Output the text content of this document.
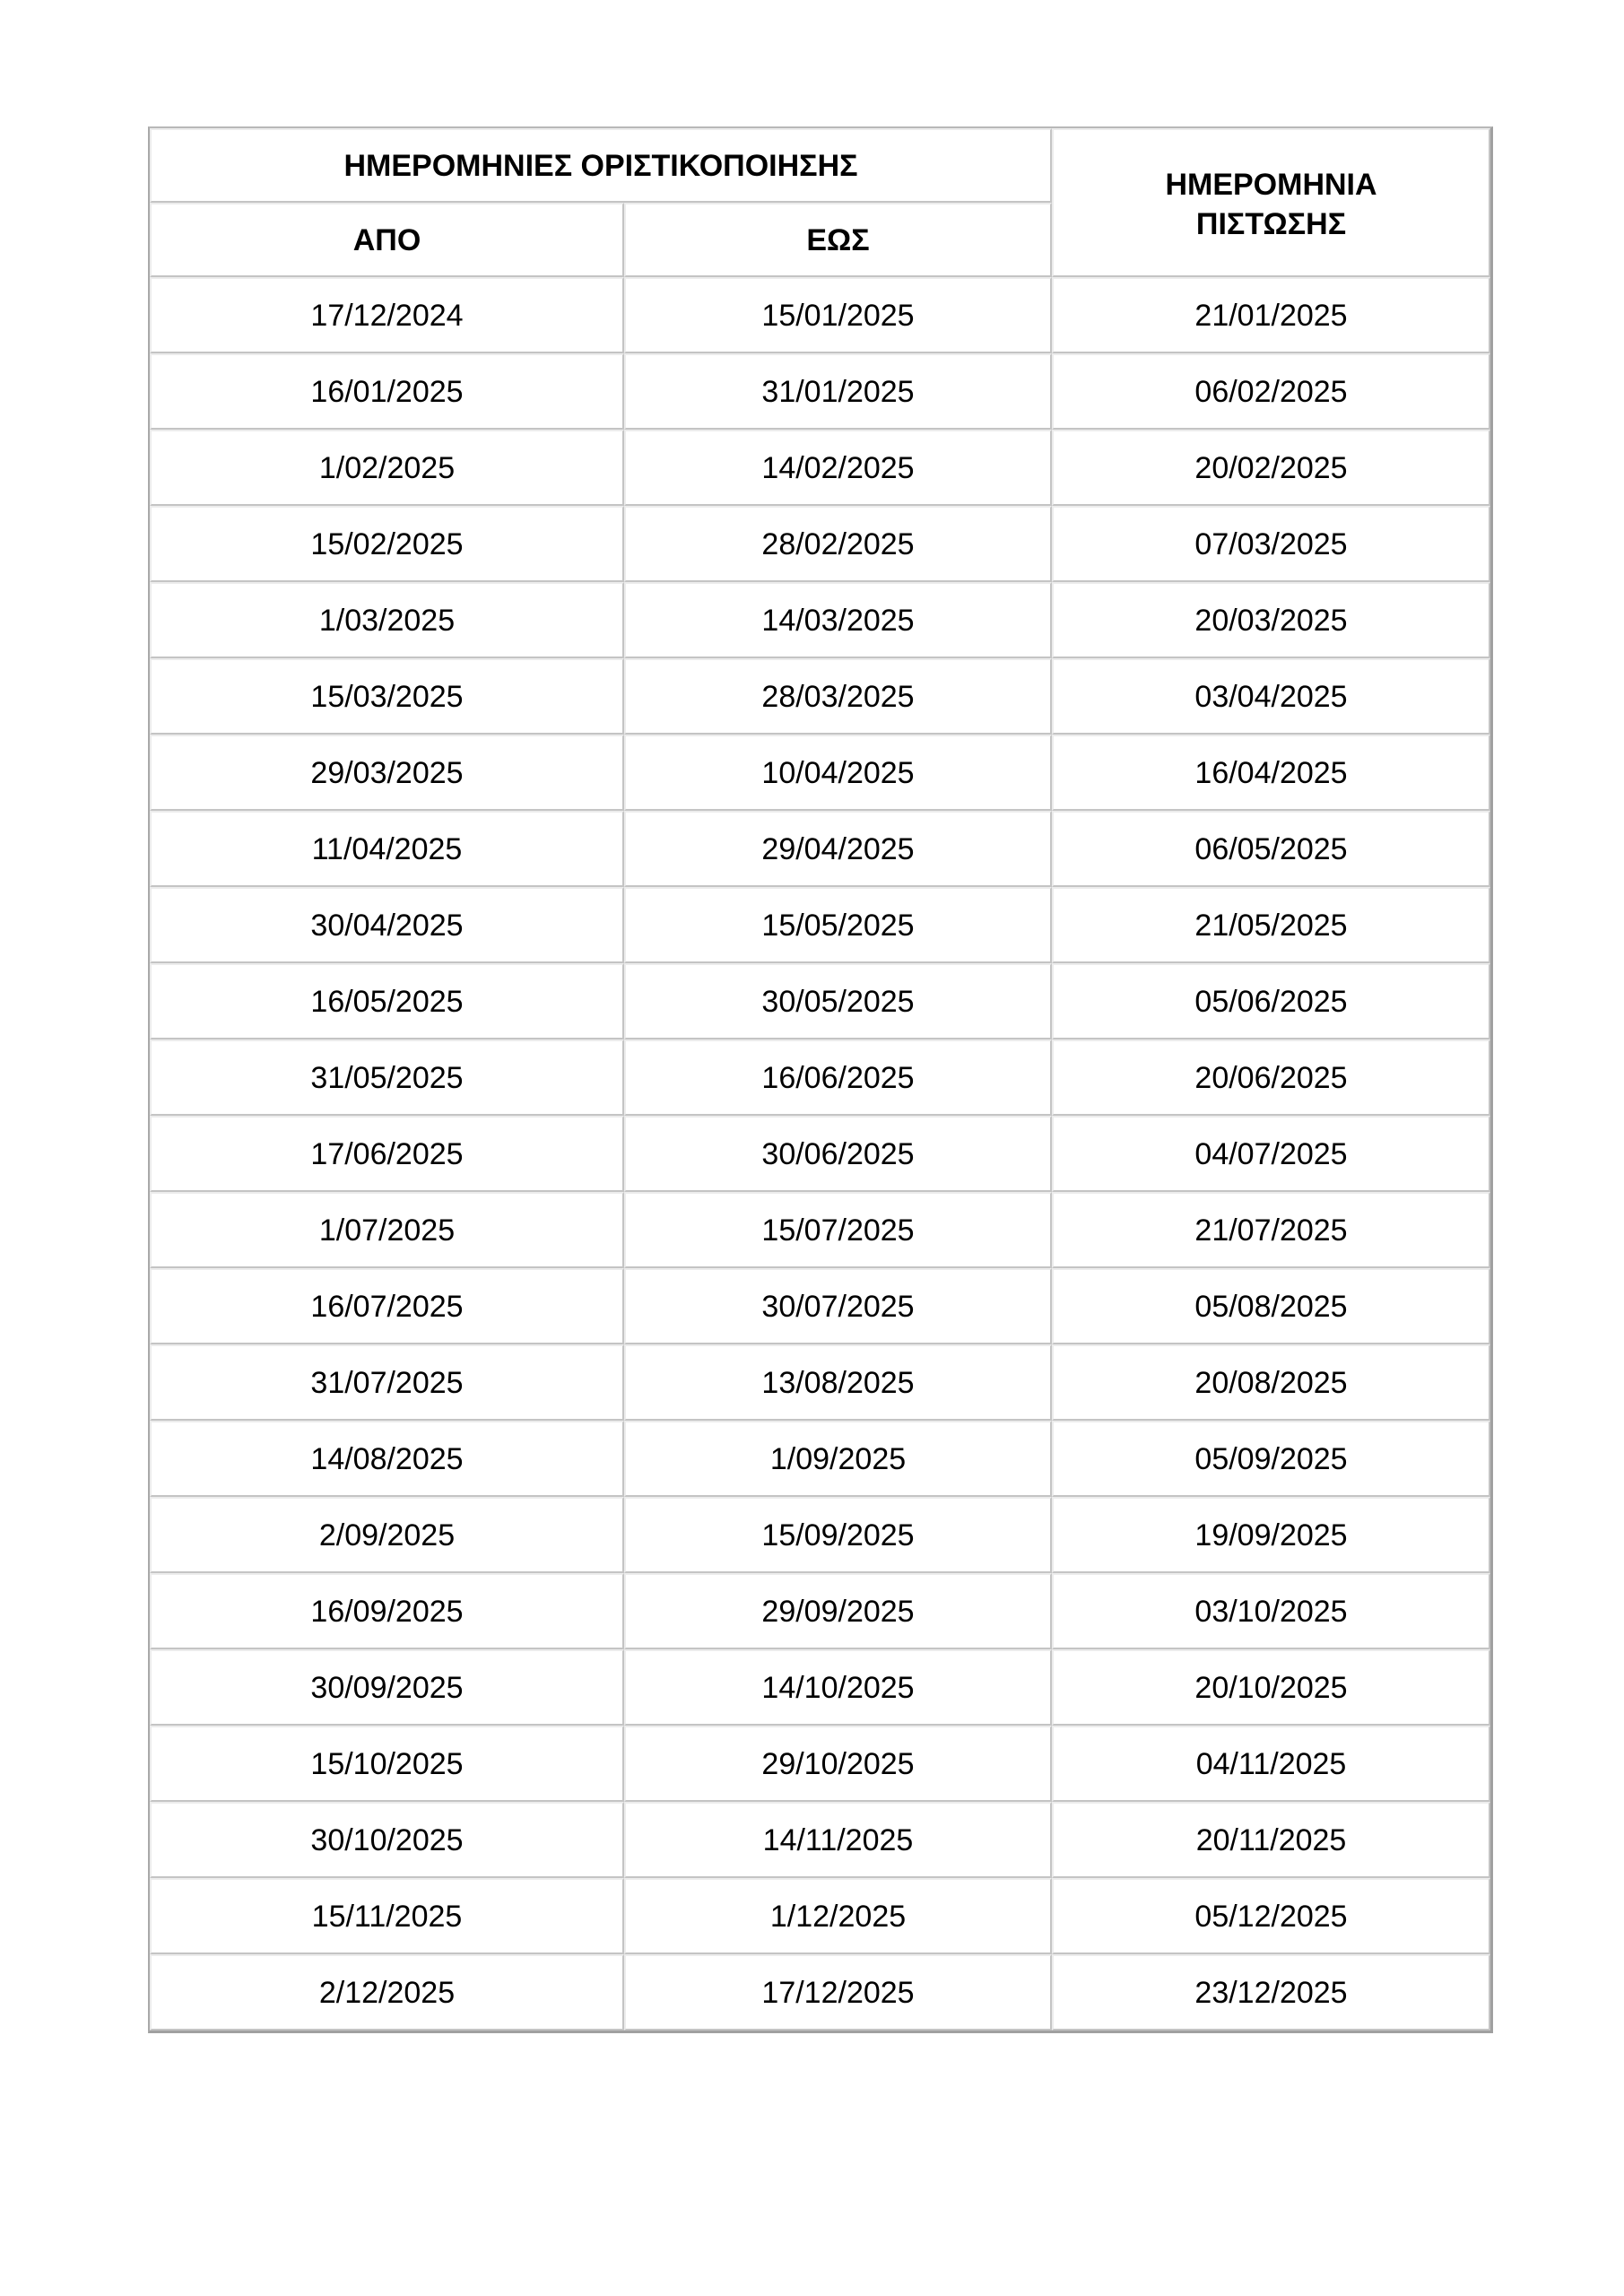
ΗΜΕΡΟΜΗΝΙΕΣ ΟΡΙΣΤΙΚΟΠΟΙΗΣΗΣ		ΗΜΕΡΟΜΗΝΙΑ
ΠΙΣΤΩΣΗΣ

ΑΠΟ	ΕΩΣ	
17/12/2024	15/01/2025	21/01/2025
16/01/2025	31/01/2025	06/02/2025
1/02/2025	14/02/2025	20/02/2025
15/02/2025	28/02/2025	07/03/2025
1/03/2025	14/03/2025	20/03/2025
15/03/2025	28/03/2025	03/04/2025
29/03/2025	10/04/2025	16/04/2025
11/04/2025	29/04/2025	06/05/2025
30/04/2025	15/05/2025	21/05/2025
16/05/2025	30/05/2025	05/06/2025
31/05/2025	16/06/2025	20/06/2025
17/06/2025	30/06/2025	04/07/2025
1/07/2025	15/07/2025	21/07/2025
16/07/2025	30/07/2025	05/08/2025
31/07/2025	13/08/2025	20/08/2025
14/08/2025	1/09/2025	05/09/2025
2/09/2025	15/09/2025	19/09/2025
16/09/2025	29/09/2025	03/10/2025
30/09/2025	14/10/2025	20/10/2025
15/10/2025	29/10/2025	04/11/2025
30/10/2025	14/11/2025	20/11/2025
15/11/2025	1/12/2025	05/12/2025
2/12/2025	17/12/2025	23/12/2025
